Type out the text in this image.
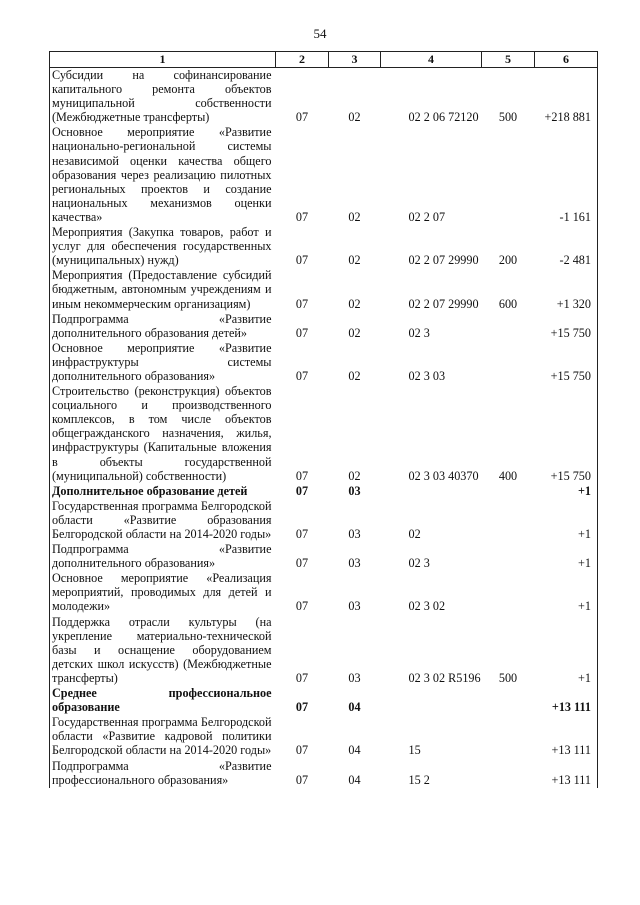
54
1	2	3	4	5	6
Субсидии на софинансирование капитального ремонта объектов муниципальной собственности (Межбюджетные трансферты)	07	02	02 2 06 72120	500	+218 881
Основное мероприятие «Развитие национально-региональной системы независимой оценки качества общего образования через реализацию пилотных региональных проектов и создание национальных механизмов оценки качества»	07	02	02 2 07		-1 161
Мероприятия (Закупка товаров, работ и услуг для обеспечения государственных (муниципальных) нужд)	07	02	02 2 07 29990	200	-2 481
Мероприятия (Предоставление субсидий бюджетным, автономным учреждениям и иным некоммерческим организациям)	07	02	02 2 07 29990	600	+1 320
Подпрограмма «Развитие дополнительного образования детей»	07	02	02 3		+15 750
Основное мероприятие «Развитие инфраструктуры системы дополнительного образования»	07	02	02 3 03		+15 750
Строительство (реконструкция) объектов социального и производственного комплексов, в том числе объектов общегражданского назначения, жилья, инфраструктуры (Капитальные вложения в объекты государственной (муниципальной) собственности)	07	02	02 3 03 40370	400	+15 750
Дополнительное образование детей	07	03			+1
Государственная программа Белгородской области «Развитие образования Белгородской области на 2014-2020 годы»	07	03	02		+1
Подпрограмма «Развитие дополнительного образования»	07	03	02 3		+1
Основное мероприятие «Реализация мероприятий, проводимых для детей и молодежи»	07	03	02 3 02		+1
Поддержка отрасли культуры (на укрепление материально-технической базы и оснащение оборудованием детских школ искусств) (Межбюджетные трансферты)	07	03	02 3 02 R5196	500	+1
Среднее профессиональное образование	07	04			+13 111
Государственная программа Белгородской области «Развитие кадровой политики Белгородской области на 2014-2020 годы»	07	04	15		+13 111
Подпрограмма «Развитие профессионального образования»	07	04	15 2		+13 111
